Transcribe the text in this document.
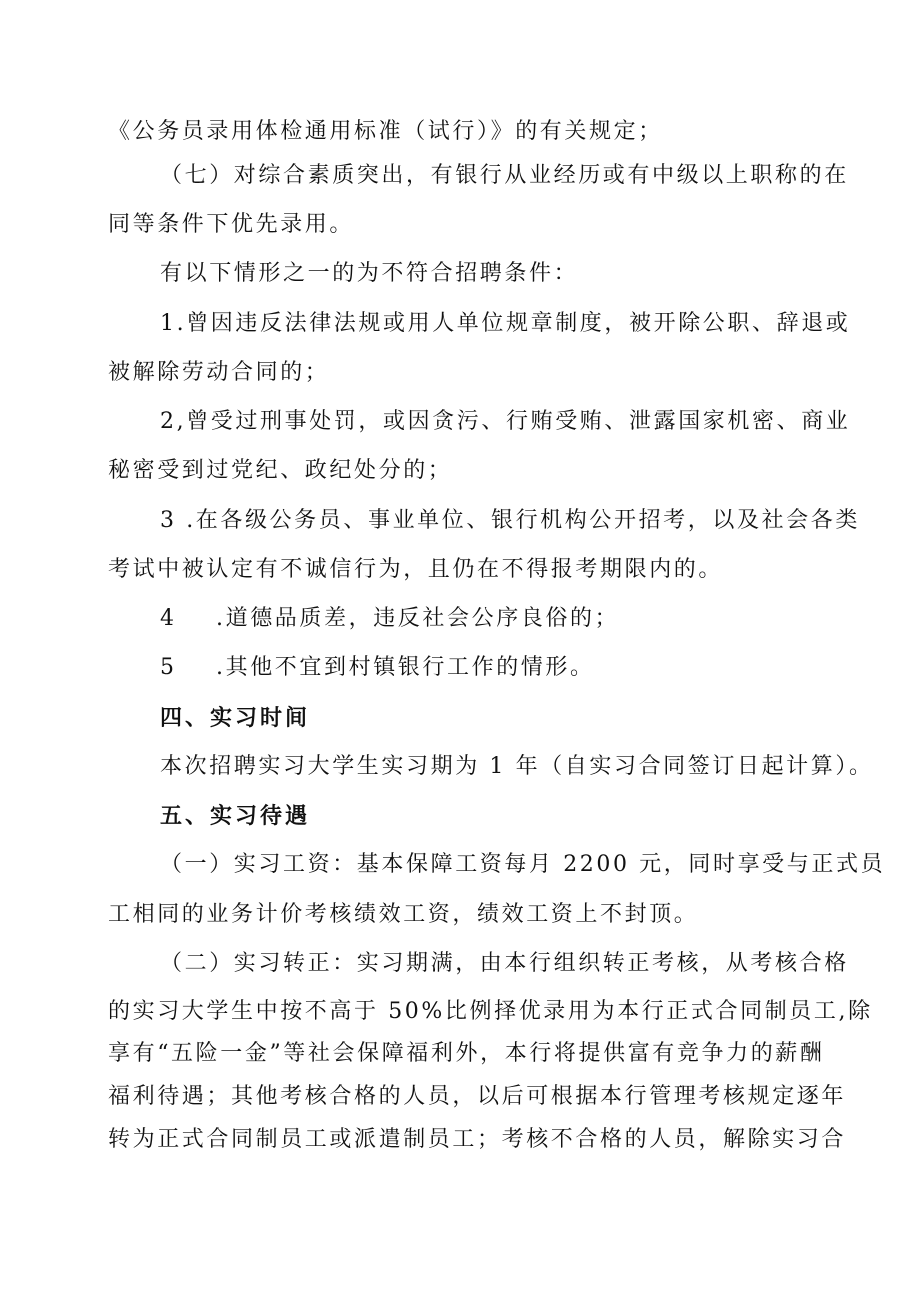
《公务员录用体检通用标准（试行）》的有关规定；
（七）对综合素质突出，有银行从业经历或有中级以上职称的在
同等条件下优先录用。
有以下情形之一的为不符合招聘条件：
1.曾因违反法律法规或用人单位规章制度，被开除公职、辞退或
被解除劳动合同的；
2,曾受过刑事处罚，或因贪污、行贿受贿、泄露国家机密、商业
秘密受到过党纪、政纪处分的；
3 .在各级公务员、事业单位、银行机构公开招考，以及社会各类
考试中被认定有不诚信行为，且仍在不得报考期限内的。
4 .道德品质差，违反社会公序良俗的；
5 .其他不宜到村镇银行工作的情形。
四、实习时间
本次招聘实习大学生实习期为 1 年（自实习合同签订日起计算）。
五、实习待遇
（一）实习工资：基本保障工资每月 2200 元，同时享受与正式员
工相同的业务计价考核绩效工资，绩效工资上不封顶。
（二）实习转正：实习期满，由本行组织转正考核，从考核合格
的实习大学生中按不高于 50%比例择优录用为本行正式合同制员工,除
享有“五险一金”等社会保障福利外，本行将提供富有竞争力的薪酬
福利待遇；其他考核合格的人员，以后可根据本行管理考核规定逐年
转为正式合同制员工或派遣制员工；考核不合格的人员，解除实习合
